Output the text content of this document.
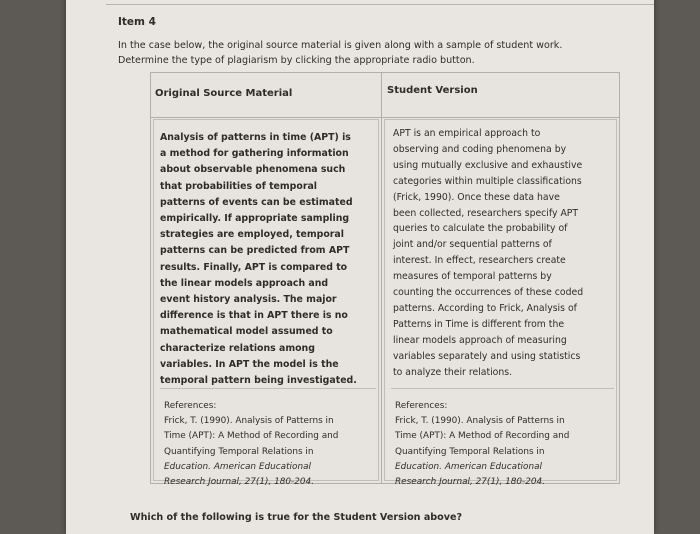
Item 4
In the case below, the original source material is given along with a sample of student work.
Determine the type of plagiarism by clicking the appropriate radio button.
Original Source Material
Analysis of patterns in time (APT) is
a method for gathering information
about observable phenomena such
that probabilities of temporal
patterns of events can be estimated
empirically. If appropriate sampling
strategies are employed, temporal
patterns can be predicted from APT
results. Finally, APT is compared to
the linear models approach and
event history analysis. The major
difference is that in APT there is no
mathematical model assumed to
characterize relations among
variables. In APT the model is the
temporal pattern being investigated.
References:
Frick, T. (1990). Analysis of Patterns in
Time (APT): A Method of Recording and
Quantifying Temporal Relations in
Education. American Educational
Research Journal, 27(1), 180-204.
Student Version
APT is an empirical approach to
observing and coding phenomena by
using mutually exclusive and exhaustive
categories within multiple classifications
(Frick, 1990). Once these data have
been collected, researchers specify APT
queries to calculate the probability of
joint and/or sequential patterns of
interest. In effect, researchers create
measures of temporal patterns by
counting the occurrences of these coded
patterns. According to Frick, Analysis of
Patterns in Time is different from the
linear models approach of measuring
variables separately and using statistics
to analyze their relations.
References:
Frick, T. (1990). Analysis of Patterns in
Time (APT): A Method of Recording and
Quantifying Temporal Relations in
Education. American Educational
Research Journal, 27(1), 180-204.
Which of the following is true for the Student Version above?
